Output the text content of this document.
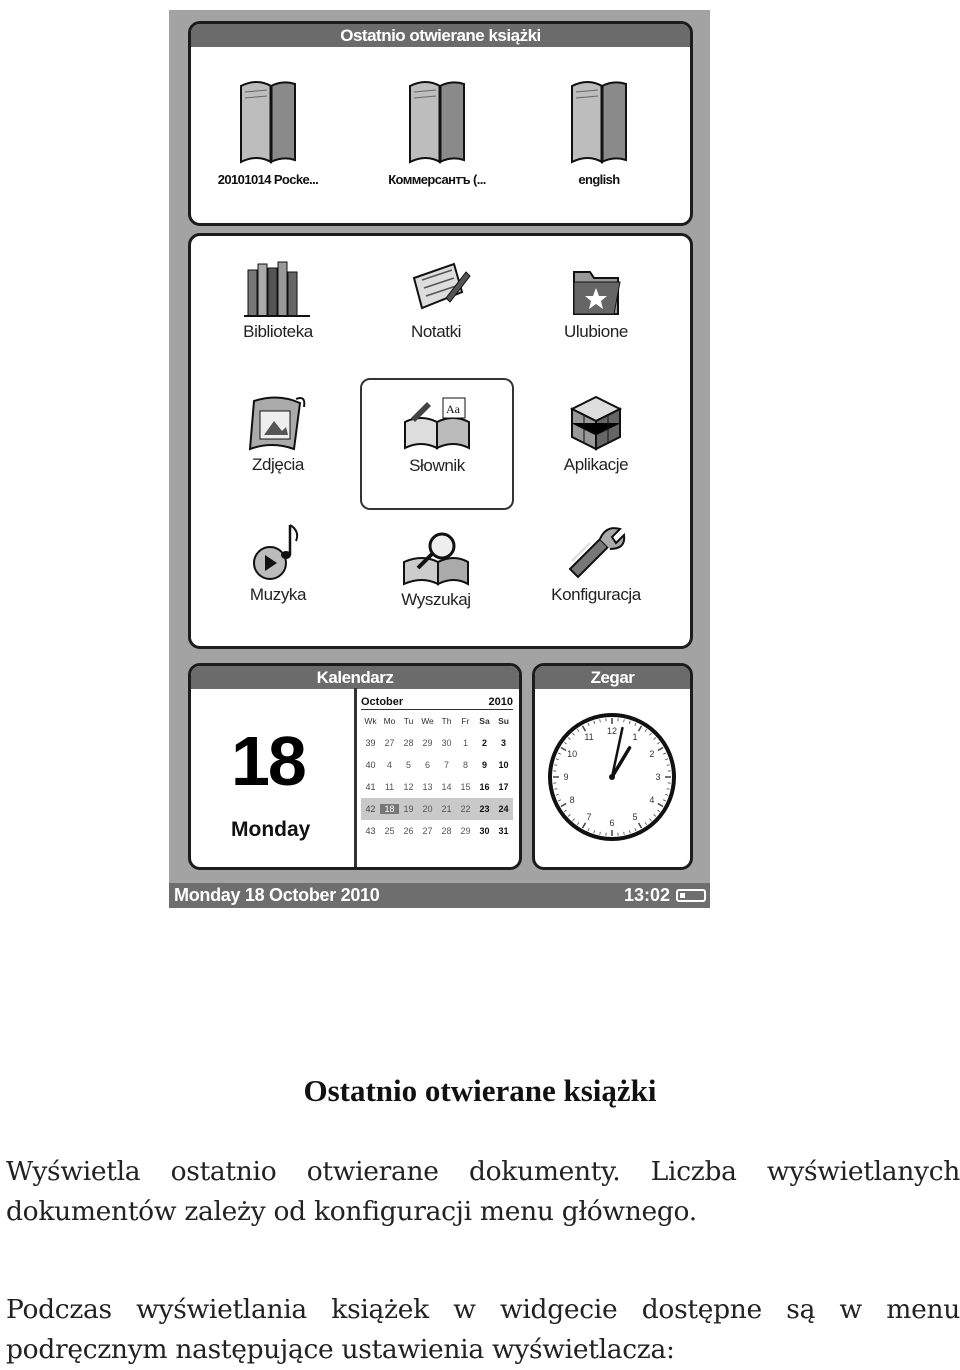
Ostatnio otwierane książki
20101014 Pocke...	Коммерсантъ (...	english
Biblioteka	Notatki	Ulubione
Zdjęcia
Aa
Słownik	Aplikacje
Muzyka	Wyszukaj	Konfiguracja
Kalendarz
18
Monday
October	2010
Wk Mo Tu We Th	Fr	Sa Su
39 27 28 29 30	1	2	3
40	4	5	6	7	8	9	10
41	11	12 13 14 15 16 17
42 18 19 20 21 22 23 24
43 25 26 27 28 29 30 31
Zegar
12
1
2
3
4
5
6
7
8
9
10
11
Monday 18 October 2010	13:02
Ostatnio otwierane książki
Wyświetla ostatnio otwierane dokumenty. Liczba wyświetlanych dokumentów zależy od konfiguracji menu głównego.
Podczas wyświetlania książek w widgecie dostępne są w menu podręcznym następujące ustawienia wyświetlacza:
